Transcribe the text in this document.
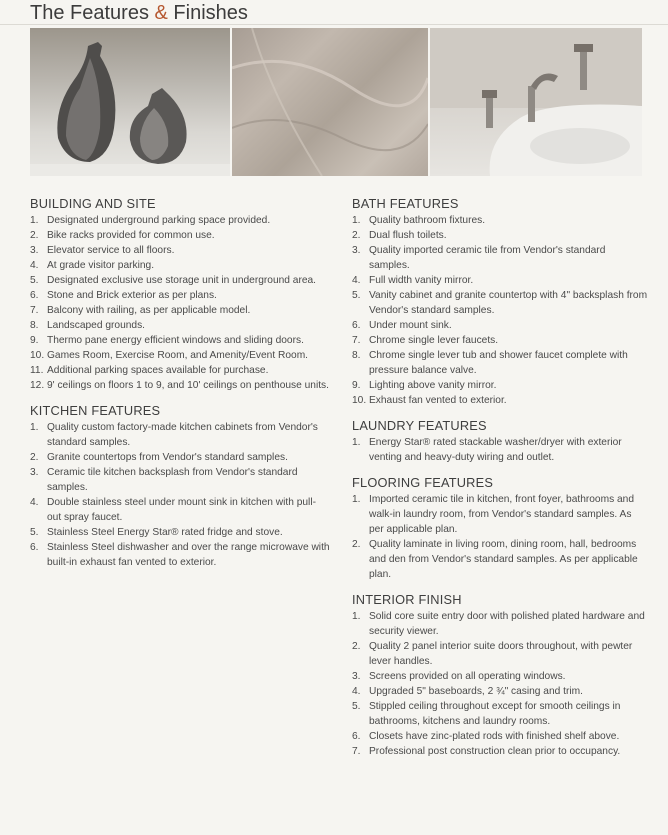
The Features & Finishes
BUILDING AND SITE
1. Designated underground parking space provided.
2. Bike racks provided for common use.
3. Elevator service to all floors.
4. At grade visitor parking.
5. Designated exclusive use storage unit in underground area.
6. Stone and Brick exterior as per plans.
7. Balcony with railing, as per applicable model.
8. Landscaped grounds.
9. Thermo pane energy efficient windows and sliding doors.
10. Games Room, Exercise Room, and Amenity/Event Room.
11. Additional parking spaces available for purchase.
12. 9' ceilings on floors 1 to 9, and 10' ceilings on penthouse units.
KITCHEN FEATURES
1. Quality custom factory-made kitchen cabinets from Vendor's standard samples.
2. Granite countertops from Vendor's standard samples.
3. Ceramic tile kitchen backsplash from Vendor's standard samples.
4. Double stainless steel under mount sink in kitchen with pull-out spray faucet.
5. Stainless Steel Energy Star® rated fridge and stove.
6. Stainless Steel dishwasher and over the range microwave with built-in exhaust fan vented to exterior.
BATH FEATURES
1. Quality bathroom fixtures.
2. Dual flush toilets.
3. Quality imported ceramic tile from Vendor's standard samples.
4. Full width vanity mirror.
5. Vanity cabinet and granite countertop with 4" backsplash from Vendor's standard samples.
6. Under mount sink.
7. Chrome single lever faucets.
8. Chrome single lever tub and shower faucet complete with pressure balance valve.
9. Lighting above vanity mirror.
10. Exhaust fan vented to exterior.
LAUNDRY FEATURES
1. Energy Star® rated stackable washer/dryer with exterior venting and heavy-duty wiring and outlet.
FLOORING FEATURES
1. Imported ceramic tile in kitchen, front foyer, bathrooms and walk-in laundry room, from Vendor's standard samples. As per applicable plan.
2. Quality laminate in living room, dining room, hall, bedrooms and den from Vendor's standard samples. As per applicable plan.
INTERIOR FINISH
1. Solid core suite entry door with polished plated hardware and security viewer.
2. Quality 2 panel interior suite doors throughout, with pewter lever handles.
3. Screens provided on all operating windows.
4. Upgraded 5" baseboards, 2 ¾" casing and trim.
5. Stippled ceiling throughout except for smooth ceilings in bathrooms, kitchens and laundry rooms.
6. Closets have zinc-plated rods with finished shelf above.
7. Professional post construction clean prior to occupancy.
